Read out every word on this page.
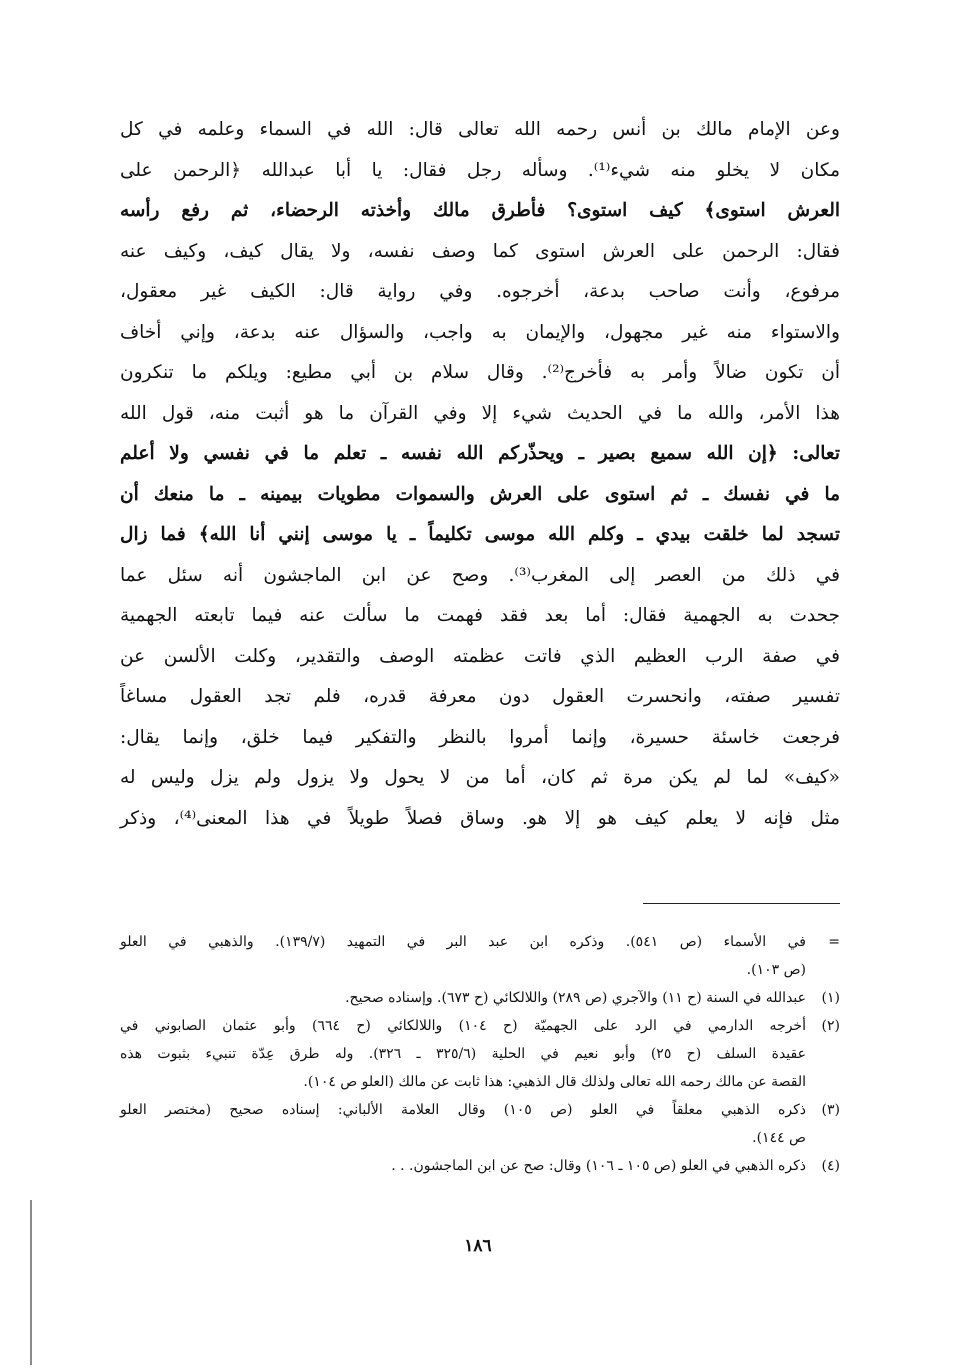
وعن الإمام مالك بن أنس رحمه الله تعالى قال: الله في السماء وعلمه في كل
مكان لا يخلو منه شيء⁽¹⁾. وسأله رجل فقال: يا أبا عبدالله ﴿الرحمن على
العرش استوى﴾ كيف استوى؟ فأطرق مالك وأخذته الرحضاء، ثم رفع رأسه
فقال: الرحمن على العرش استوى كما وصف نفسه، ولا يقال كيف، وكيف عنه
مرفوع، وأنت صاحب بدعة، أخرجوه. وفي رواية قال: الكيف غير معقول،
والاستواء منه غير مجهول، والإيمان به واجب، والسؤال عنه بدعة، وإني أخاف
أن تكون ضالاً وأمر به فأخرج⁽²⁾. وقال سلام بن أبي مطيع: ويلكم ما تنكرون
هذا الأمر، والله ما في الحديث شيء إلا وفي القرآن ما هو أثبت منه، قول الله
تعالى: ﴿إن الله سميع بصير ـ ويحذّركم الله نفسه ـ تعلم ما في نفسي ولا أعلم
ما في نفسك ـ ثم استوى على العرش والسموات مطويات بيمينه ـ ما منعك أن
تسجد لما خلقت بيدي ـ وكلم الله موسى تكليماً ـ يا موسى إنني أنا الله﴾ فما زال
في ذلك من العصر إلى المغرب⁽³⁾. وصح عن ابن الماجشون أنه سئل عما
جحدت به الجهمية فقال: أما بعد فقد فهمت ما سألت عنه فيما تابعته الجهمية
في صفة الرب العظيم الذي فاتت عظمته الوصف والتقدير، وكلت الألسن عن
تفسير صفته، وانحسرت العقول دون معرفة قدره، فلم تجد العقول مساغاً
فرجعت خاسئة حسيرة، وإنما أمروا بالنظر والتفكير فيما خلق، وإنما يقال:
«كيف» لما لم يكن مرة ثم كان، أما من لا يحول ولا يزول ولم يزل وليس له
مثل فإنه لا يعلم كيف هو إلا هو. وساق فصلاً طويلاً في هذا المعنى⁽⁴⁾، وذكر
=
في الأسماء (ص ٥٤١). وذكره ابن عبد البر في التمهيد (١٣٩/٧). والذهبي في العلو
(ص ١٠٣).
(١)
عبدالله في السنة (ح ١١) والآجري (ص ٢٨٩) واللالكائي (ح ٦٧٣). وإسناده صحيح.
(٢)
أخرجه الدارمي في الرد على الجهميّة (ح ١٠٤) واللالكائي (ح ٦٦٤) وأبو عثمان الصابوني في
عقيدة السلف (ح ٢٥) وأبو نعيم في الحلية (٣٢٥/٦ ـ ٣٢٦). وله طرق عِدّة تنبيء بثبوت هذه
القصة عن مالك رحمه الله تعالى ولذلك قال الذهبي: هذا ثابت عن مالك (العلو ص ١٠٤).
(٣)
ذكره الذهبي معلقاً في العلو (ص ١٠٥) وقال العلامة الألباني: إسناده صحيح (مختصر العلو
ص ١٤٤).
(٤)
ذكره الذهبي في العلو (ص ١٠٥ ـ ١٠٦) وقال: صح عن ابن الماجشون. . .
١٨٦
